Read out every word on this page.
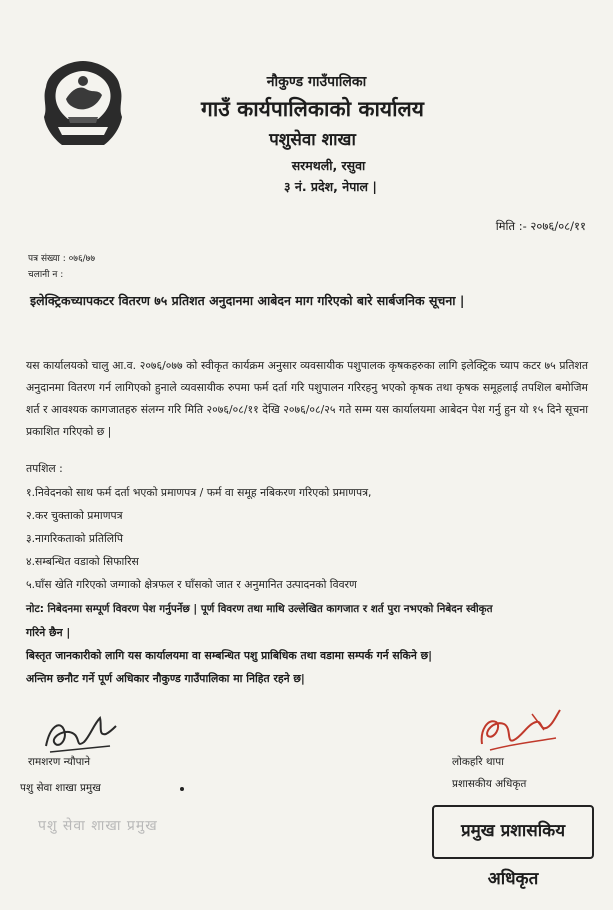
नौकुण्ड गाउँपालिका
गाउँ कार्यपालिकाको कार्यालय
पशुसेवा शाखा
सरमथली, रसुवा
३ नं. प्रदेश, नेपाल |
मिति :- २०७६/०८/११
पत्र संख्या : ०७६/७७
चलानी न :
इलेक्ट्रिकच्यापकटर वितरण ७५ प्रतिशत अनुदानमा आबेदन माग गरिएको बारे सार्बजनिक सूचना |
यस कार्यालयको चालु आ.व. २०७६/०७७ को स्वीकृत कार्यक्रम अनुसार व्यवसायीक पशुपालक कृषकहरुका लागि इलेक्ट्रिक च्याप कटर ७५ प्रतिशत अनुदानमा वितरण गर्न लागिएको हुनाले व्यवसायीक रुपमा फर्म दर्ता गरि पशुपालन गरिरहनु भएको कृषक तथा कृषक समूहलाई तपशिल बमोजिम शर्त र आवश्यक कागजातहरु संलग्न गरि मिति २०७६/०८/११ देखि २०७६/०८/२५ गते सम्म यस कार्यालयमा आबेदन पेश गर्नु हुन यो १५ दिने सूचना प्रकाशित गरिएको छ |
तपशिल :
१.निवेदनको साथ फर्म दर्ता भएको प्रमाणपत्र / फर्म वा समूह नबिकरण गरिएको प्रमाणपत्र,
२.कर चुक्ताको प्रमाणपत्र
३.नागरिकताको प्रतिलिपि
४.सम्बन्धित वडाको सिफारिस
५.घाँस खेति गरिएको जग्गाको क्षेत्रफल र घाँसको जात र अनुमानित उत्पादनको विवरण
नोट: निबेदनमा सम्पूर्ण विवरण पेश गर्नुपर्नेछ | पूर्ण विवरण तथा माथि उल्लेखित कागजात र शर्त पुरा नभएको निबेदन स्वीकृत
गरिने छैन |
बिस्तृत जानकारीको लागि यस कार्यालयमा वा सम्बन्धित पशु प्राबिधिक तथा वडामा सम्पर्क गर्न सकिने छ|
अन्तिम छनौट गर्ने पूर्ण अधिकार नौकुण्ड गाउँपालिका मा निहित रहने छ|
रामशरण न्यौपाने
पशु सेवा शाखा प्रमुख
लोकहरि थापा
प्रशासकीय अधिकृत
पशु सेवा शाखा प्रमुख	प्रमुख प्रशासकिय अधिकृत
